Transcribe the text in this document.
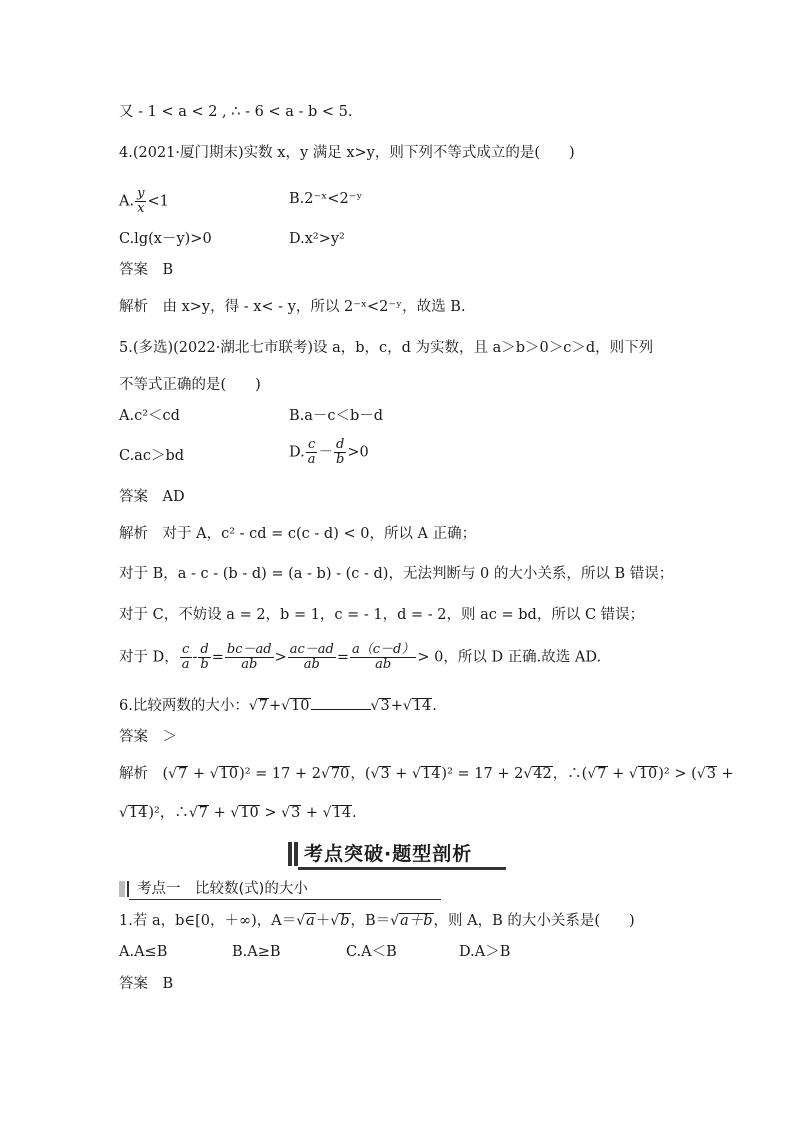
又 - 1 < a < 2 , ∴ - 6 < a - b < 5.
4.(2021·厦门期末)实数 x，y 满足 x>y，则下列不等式成立的是(　　)
A. $\frac{y}{x} <1$	B.2⁻ˣ<2⁻ʸ
C.lg(x－y)>0	D.x²>y²
答案　B
解析　由 x>y，得 - x< - y，所以 2⁻ˣ<2⁻ʸ，故选 B.
5.(多选)(2022·湖北七市联考)设 a，b，c，d 为实数，且 a＞b＞0＞c＞d，则下列
不等式正确的是(　　)
A.c²＜cd	B.a－c＜b－d
C.ac＞bd	D. $\frac{c}{a} - \frac{d}{b} >0$
答案　AD
解析　对于 A，c² - cd = c(c - d) < 0，所以 A 正确；
对于 B，a - c - (b - d) = (a - b) - (c - d)，无法判断与 0 的大小关系，所以 B 错误；
对于 C，不妨设 a = 2，b = 1，c = - 1，d = - 2，则 ac = bd，所以 C 错误；
对于 D， $\frac{c}{a} - \frac{d}{b} = \frac{bc-ad}{ab} > \frac{ac-ad}{ab} = \frac{a(c-d)}{ab} > 0$，所以 D 正确.故选 AD.
6.比较两数的大小：√7+√10	√3+√14.
答案　＞
解析　(√7 + √10)² = 17 + 2√70，(√3 + √14)² = 17 + 2√42，∴(√7 + √10)² > (√3 +
√14)²，∴√7 + √10 > √3 + √14.
考点突破·题型剖析
考点一　比较数(式)的大小
1.若 a，b∈[0，＋∞)，A＝√a＋√b，B＝√a＋b，则 A，B 的大小关系是(　　)
A.A≤B	B.A≥B	C.A＜B	D.A＞B
答案　B
